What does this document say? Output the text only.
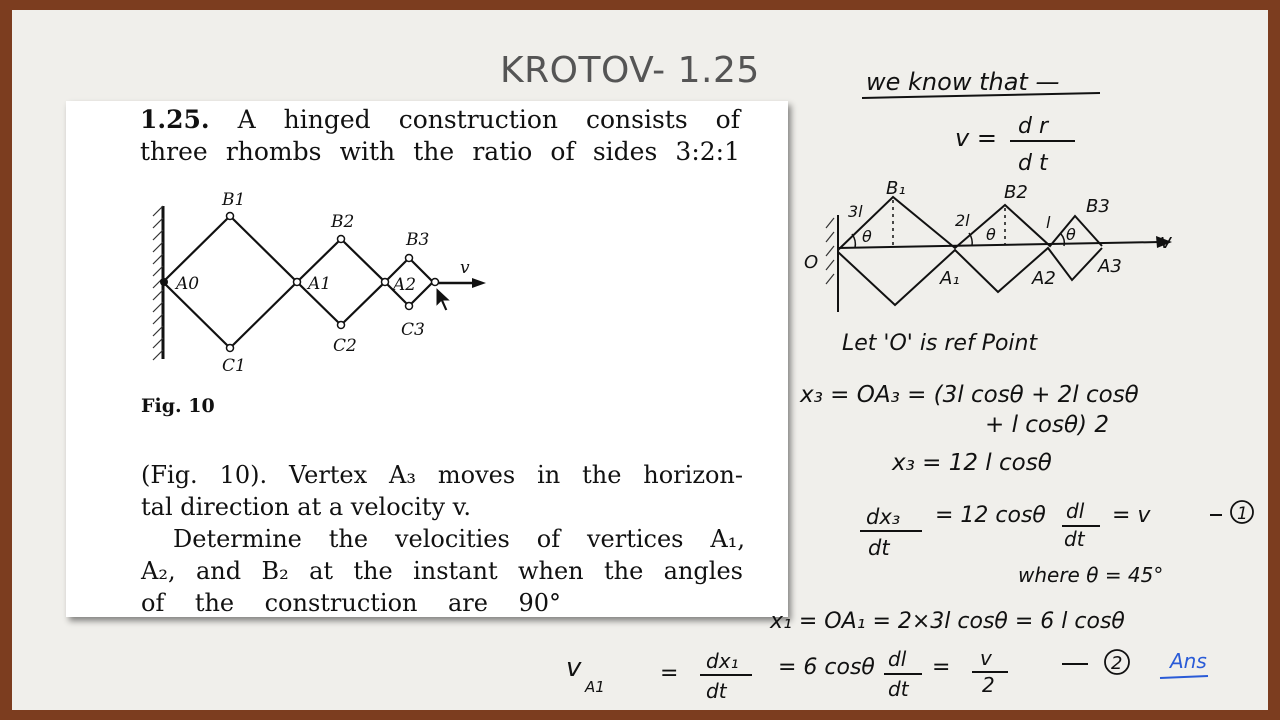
KROTOV- 1.25
1.25. A hinged construction consists of
three rhombs with the ratio of sides 3:2:1
A0
B1
C1
A1
B2
C2
A2
B3
C3
v
Fig. 10
(Fig. 10). Vertex A₃ moves in the horizon-
tal direction at a velocity v.
Determine the velocities of vertices A₁,
A₂, and B₂ at the instant when the angles
of the construction are 90°
we know that —
v = d r
d t
B₁	B2
B3
A₁	A2
A3
O
3l	2l	l
θ	θ	θ	v
Let 'O' is ref Point
x₃ = OA₃ = (3l cosθ + 2l cosθ
+ l cosθ) 2
x₃ = 12 l cosθ
dx₃
dt
= 12 cosθ dl
dt
= v	1
where θ = 45°
x₁ = OA₁ = 2×3l cosθ = 6 l cosθ
v
A1
= dx₁
dt
= 6 cosθ dl
dt
= v
2
2 Ans
